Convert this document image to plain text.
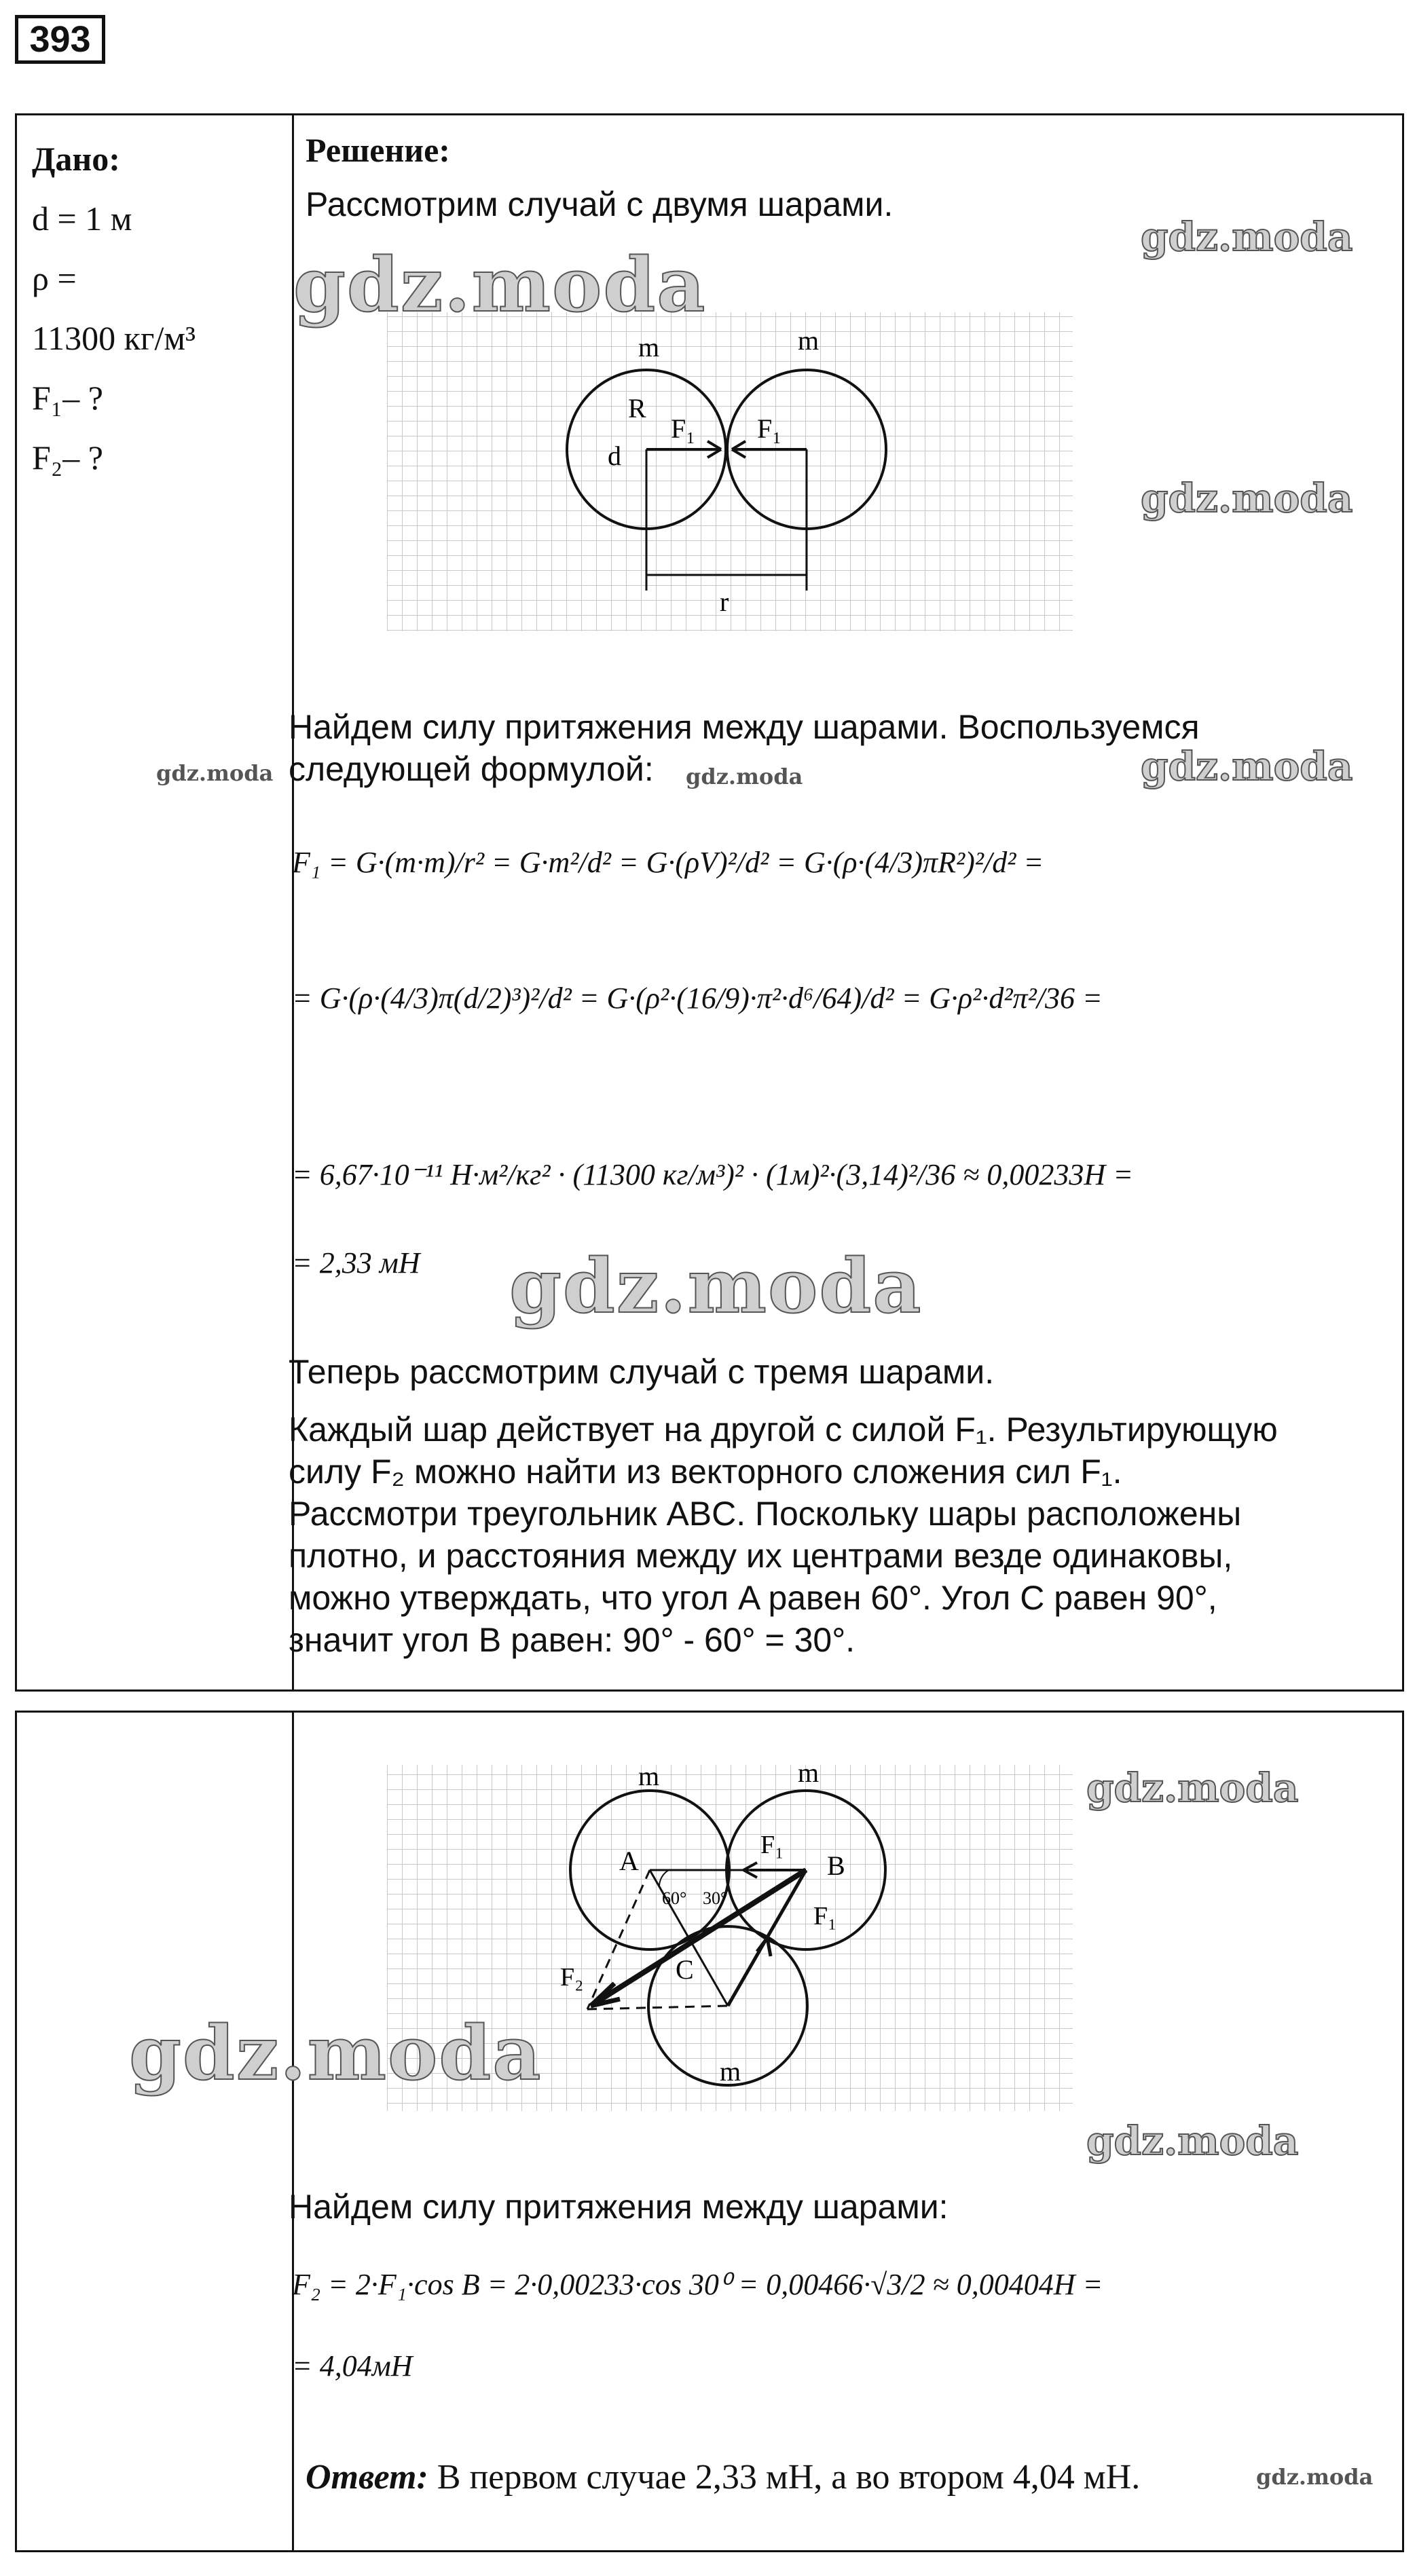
393
Дано:
d = 1 м
ρ =
11300 кг/м³
F₁– ?
F₂– ?
Решение:
Рассмотрим случай с двумя шарами.
m	m
R
d
F₁ F₁
r
Найдем силу притяжения между шарами. Воспользуемся
следующей формулой:
F₁ = G·(m·m)/r² = G·m²/d² = G·(ρV)²/d² = G·(ρ·(4/3)πR²)²/d² =
= G·(ρ·(4/3)π(d/2)³)²/d² = G·(ρ²·(16/9)·π²·d⁶/64)/d² = G·ρ²·d²π²/36 =
= 6,67·10⁻¹¹ Н·м²/кг² · (11300 кг/м³)² · (1м)²·(3,14)²/36 ≈ 0,00233Н =
= 2,33 мН
Теперь рассмотрим случай с тремя шарами.
Каждый шар действует на другой с силой F₁. Результирующую
силу F₂ можно найти из векторного сложения сил F₁.
Рассмотри треугольник ABC. Поскольку шары расположены
плотно, и расстояния между их центрами везде одинаковы,
можно утверждать, что угол A равен 60°. Угол C равен 90°,
значит угол B равен: 90° - 60° = 30°.
m	m
m
A	B
C
F₁
F₁
F₂
60° 30°
Найдем силу притяжения между шарами:
F₂ = 2·F₁·cos B = 2·0,00233·cos 30⁰ = 0,00466·√3/2 ≈ 0,00404Н =
= 4,04мН
Ответ: В первом случае 2,33 мН, а во втором 4,04 мН.
gdz.moda
gdz.moda
gdz.moda
gdz.moda
gdz.moda	gdz.moda
gdz.moda
gdz.moda
gdz.moda
gdz.moda
gdz.moda
